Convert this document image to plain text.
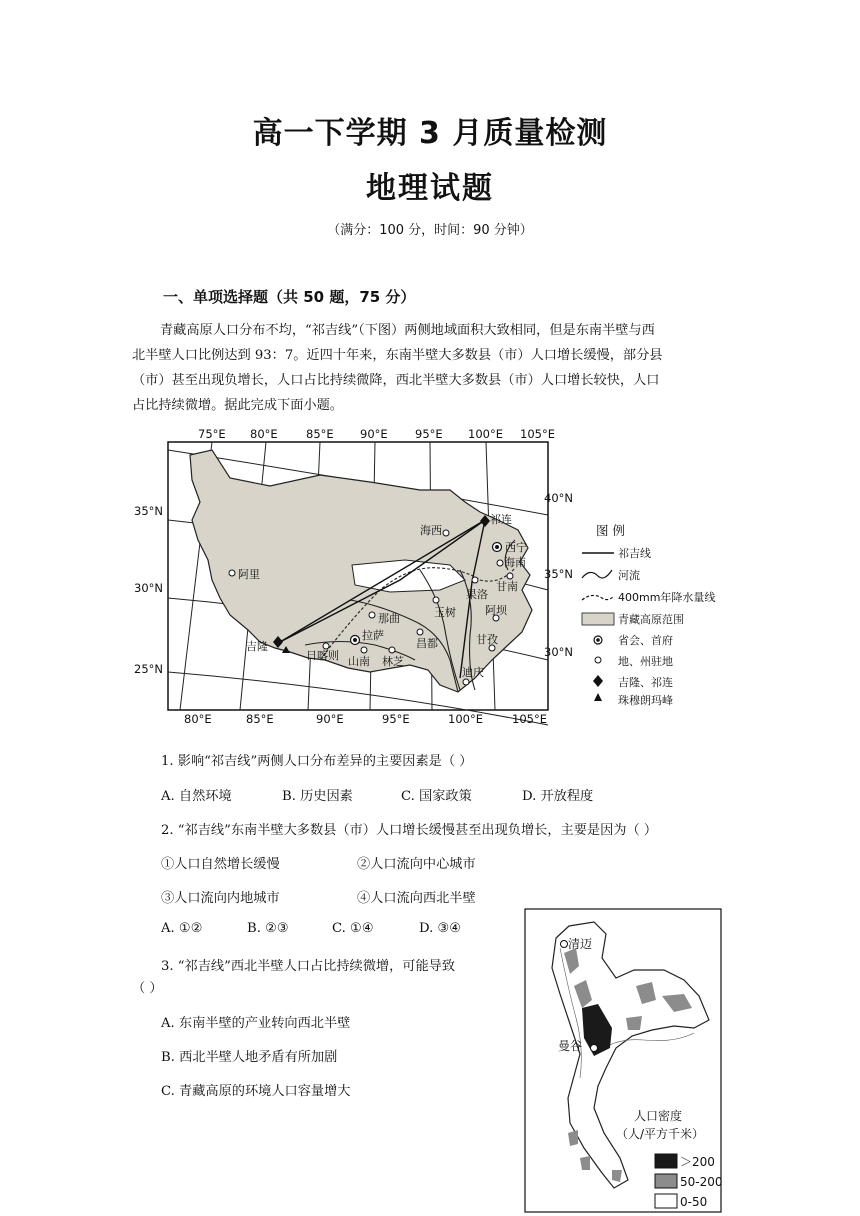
高一下学期 3 月质量检测
地理试题
（满分：100 分，时间：90 分钟）
一、单项选择题（共 50 题，75 分）
青藏高原人口分布不均，“祁吉线”（下图）两侧地域面积大致相同，但是东南半壁与西
北半壁人口比例达到 93：7。近四十年来，东南半壁大多数县（市）人口增长缓慢，部分县
（市）甚至出现负增长，人口占比持续微降，西北半壁大多数县（市）人口增长较快，人口
占比持续微增。据此完成下面小题。
75°E 80°E 85°E 90°E 95°E 100°E 105°E
80°E	85°E	90°E	95°E	100°E	105°E
35°N
30°N
25°N
40°N
35°N
30°N
祁连
海西
西宁
海南
甘南
果洛
玉树	阿坝
阿里
那曲
拉萨
昌都	甘孜
吉隆
日喀则 山南 林芝
迪庆
图 例
祁吉线
河流
400mm年降水量线
青藏高原范围
省会、首府
地、州驻地
吉隆、祁连
珠穆朗玛峰
1. 影响“祁吉线”两侧人口分布差异的主要因素是（ ）
A. 自然环境	B. 历史因素	C. 国家政策	D. 开放程度
2. “祁吉线”东南半壁大多数县（市）人口增长缓慢甚至出现负增长，主要是因为（ ）
①人口自然增长缓慢	②人口流向中心城市
③人口流向内地城市	④人口流向西北半壁
A. ①②	B. ②③	C. ①④	D. ③④
3. “祁吉线”西北半壁人口占比持续微增，可能导致
（ ）
A. 东南半壁的产业转向西北半壁
B. 西北半壁人地矛盾有所加剧
C. 青藏高原的环境人口容量增大
曼谷
清迈
人口密度
（人/平方千米）
＞200
50-200
0-50
